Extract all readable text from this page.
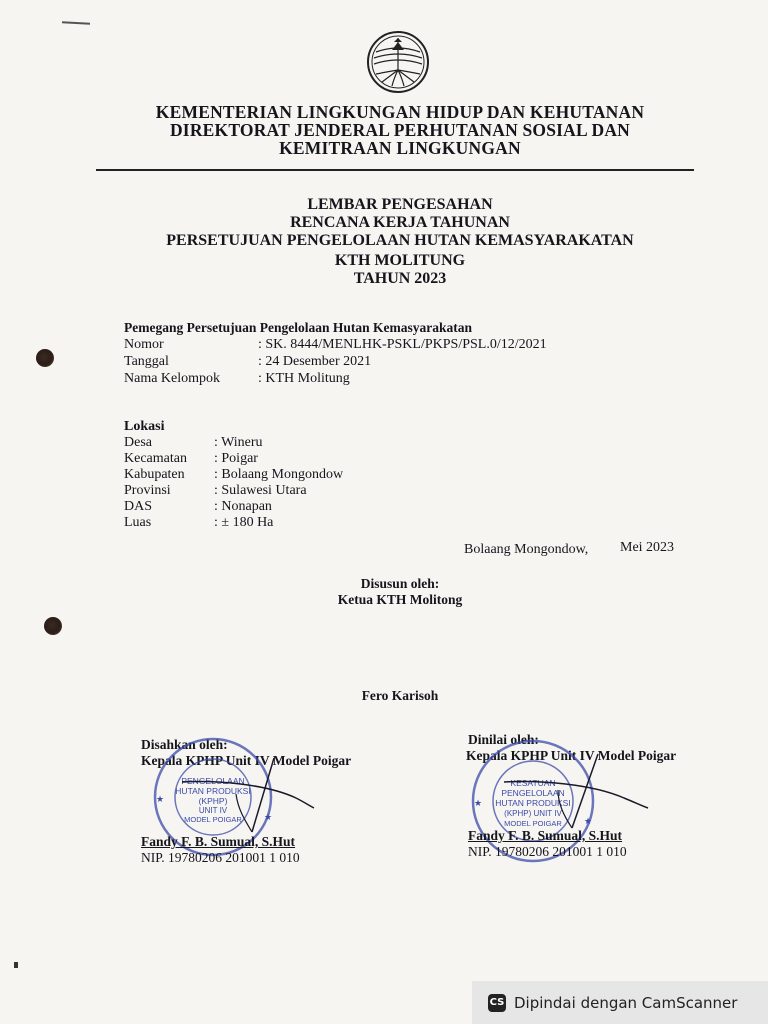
KEMENTERIAN LINGKUNGAN HIDUP DAN KEHUTANAN
DIREKTORAT JENDERAL PERHUTANAN SOSIAL DAN
KEMITRAAN LINGKUNGAN
LEMBAR PENGESAHAN
RENCANA KERJA TAHUNAN
PERSETUJUAN PENGELOLAAN HUTAN KEMASYARAKATAN
KTH MOLITUNG
TAHUN 2023
Pemegang Persetujuan Pengelolaan Hutan Kemasyarakatan
Nomor	: SK. 8444/MENLHK-PSKL/PKPS/PSL.0/12/2021
Tanggal	: 24 Desember 2021
Nama Kelompok	: KTH Molitung
Lokasi
Desa	: Wineru
Kecamatan : Poigar
Kabupaten : Bolaang Mongondow
Provinsi	: Sulawesi Utara
DAS	: Nonapan
Luas	: ± 180 Ha
Bolaang Mongondow, Mei 2023
Disusun oleh:
Ketua KTH Molitong
Fero Karisoh
Disahkan oleh:
Kepala KPHP Unit IV Model Poigar
PENGELOLAAN
HUTAN PRODUKSI
(KPHP)
UNIT IV
MODEL POIGAR ★
★
Fandy F. B. Sumual, S.Hut
NIP. 19780206 201001 1 010
Dinilai oleh:
Kepala KPHP Unit IV Model Poigar
KESATUAN
PENGELOLAAN
HUTAN PRODUKSI
(KPHP) UNIT IV
MODEL POIGAR ★
★
Fandy F. B. Sumual, S.Hut
NIP. 19780206 201001 1 010
CS Dipindai dengan CamScanner
